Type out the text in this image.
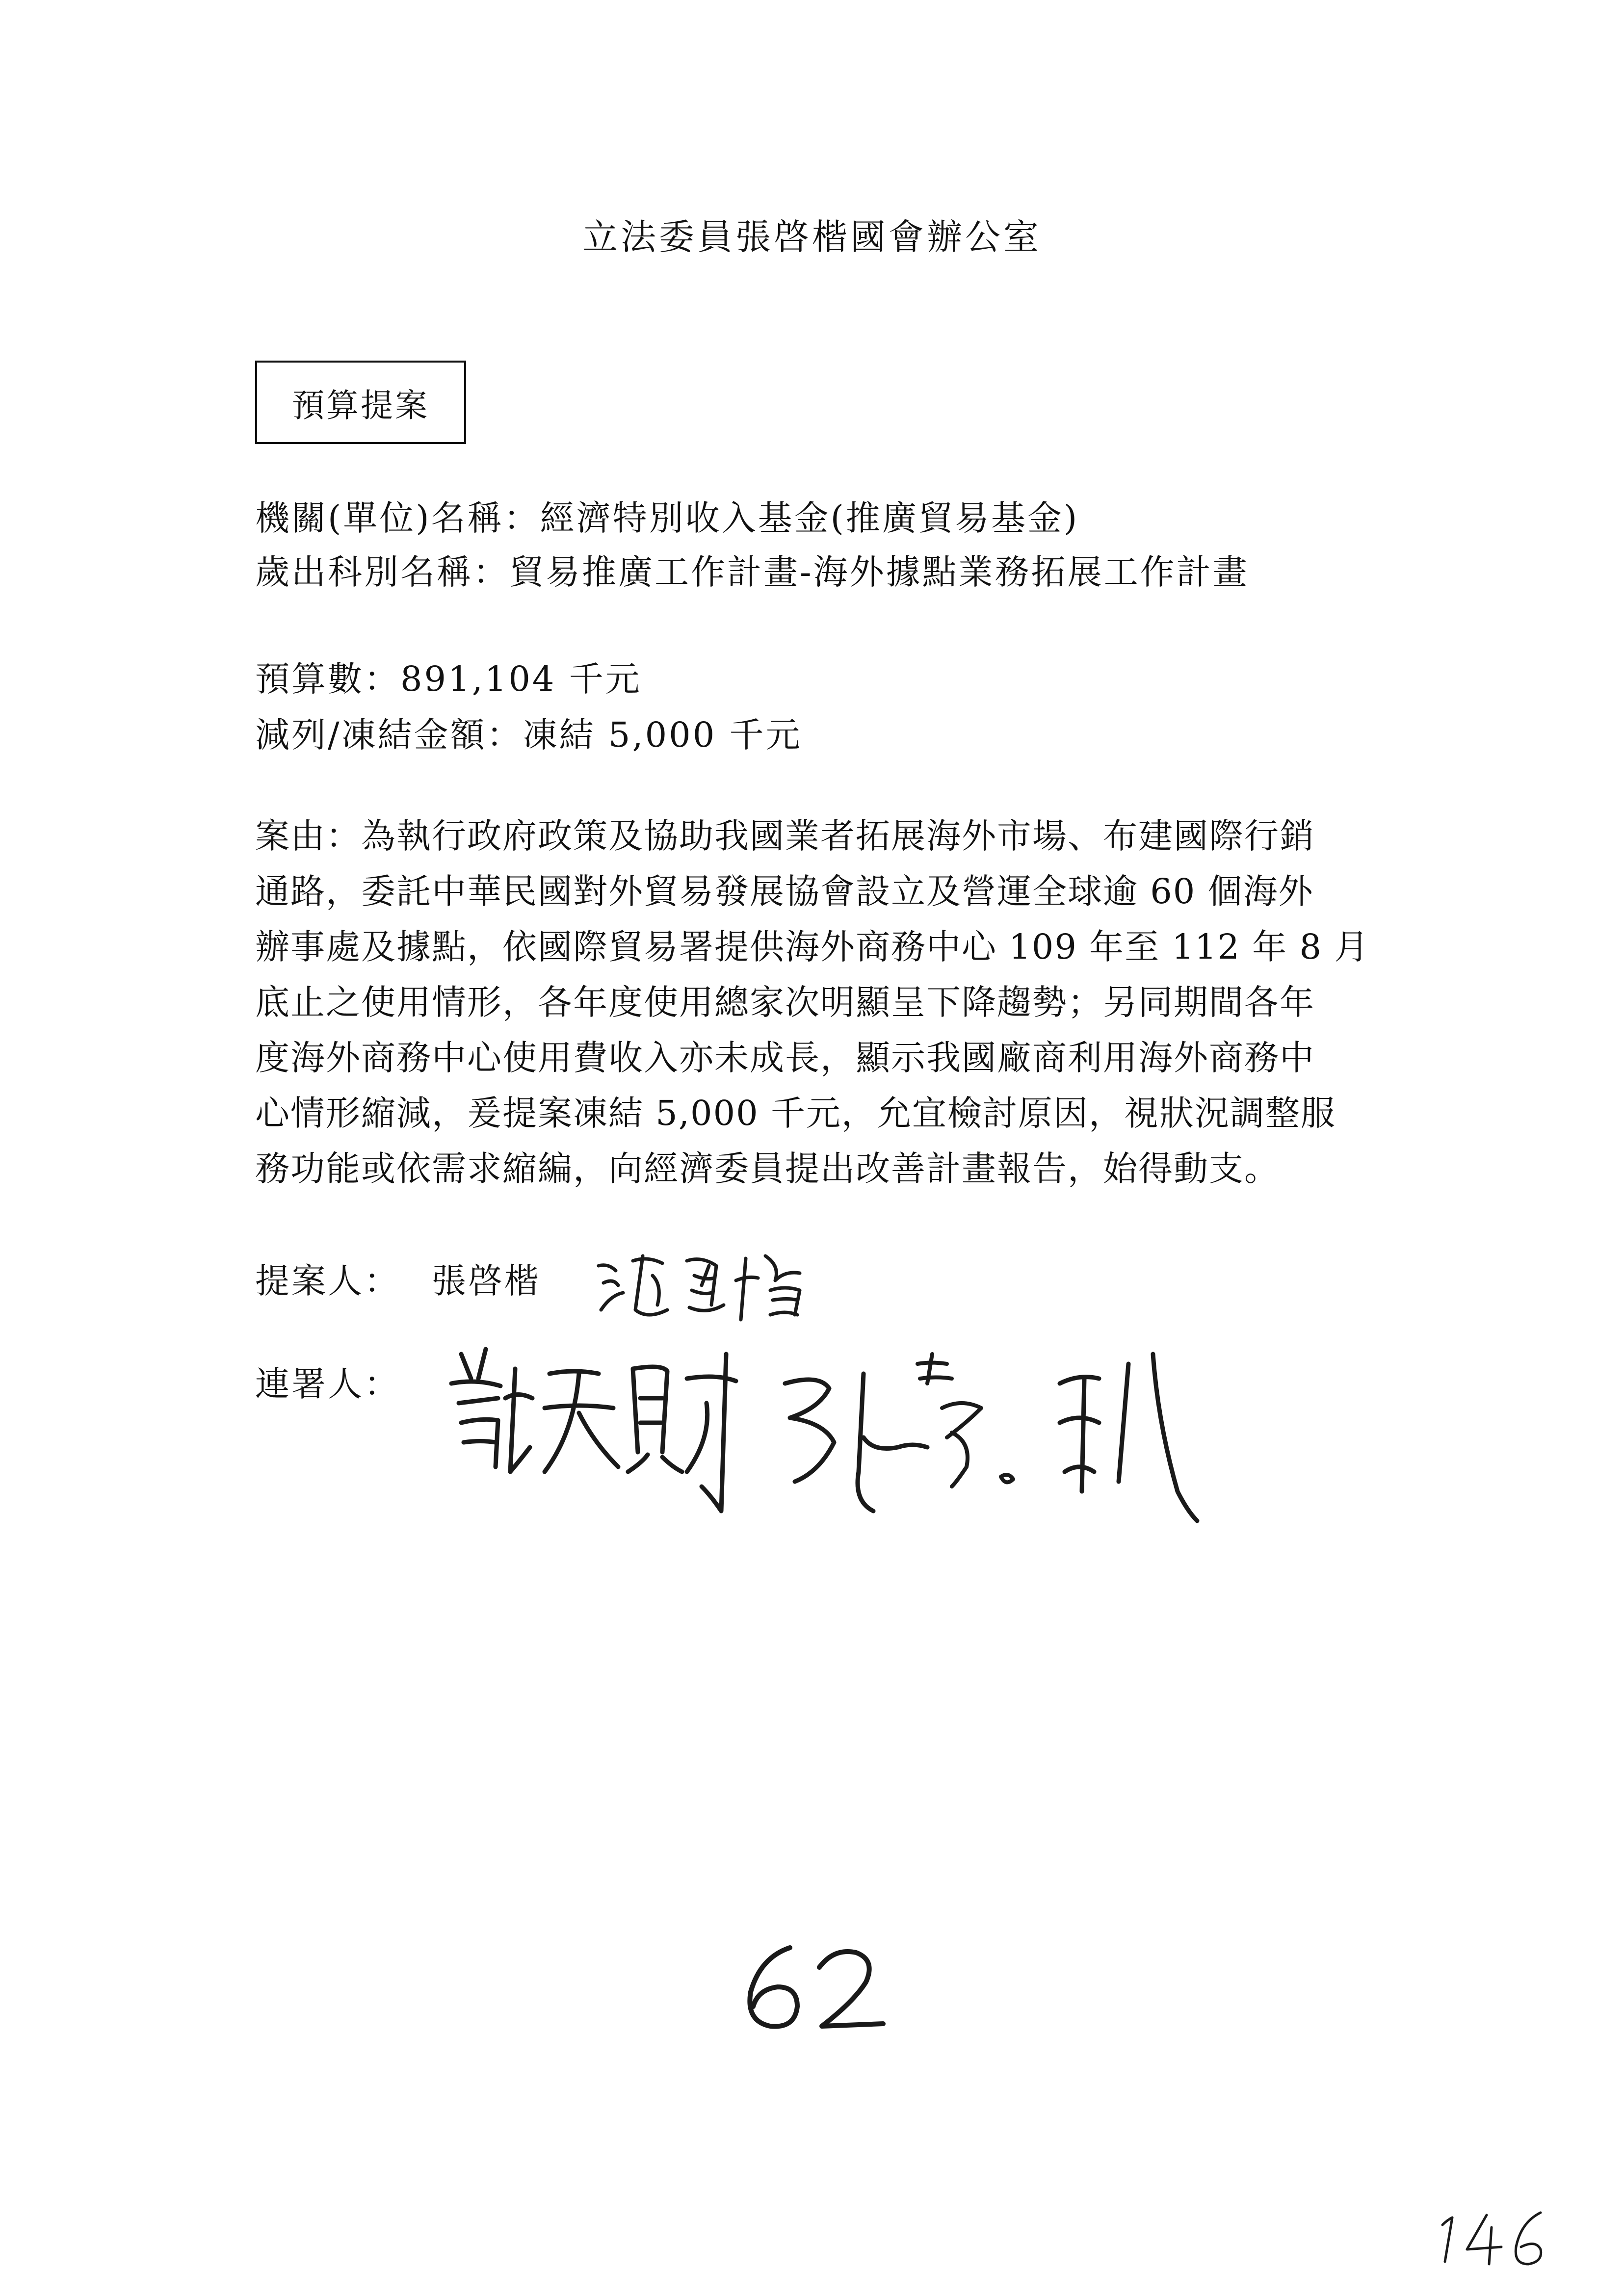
立法委員張啓楷國會辦公室
預算提案
機關(單位)名稱：經濟特別收入基金(推廣貿易基金)
歲出科別名稱：貿易推廣工作計畫-海外據點業務拓展工作計畫
預算數：891,104 千元
減列/凍結金額：凍結 5,000 千元
案由：為執行政府政策及協助我國業者拓展海外市場、布建國際行銷
通路，委託中華民國對外貿易發展協會設立及營運全球逾 60 個海外
辦事處及據點，依國際貿易署提供海外商務中心 109 年至 112 年 8 月
底止之使用情形，各年度使用總家次明顯呈下降趨勢；另同期間各年
度海外商務中心使用費收入亦未成長，顯示我國廠商利用海外商務中
心情形縮減，爰提案凍結 5,000 千元，允宜檢討原因，視狀況調整服
務功能或依需求縮編，向經濟委員提出改善計畫報告，始得動支。
提案人： 張啓楷
連署人：
